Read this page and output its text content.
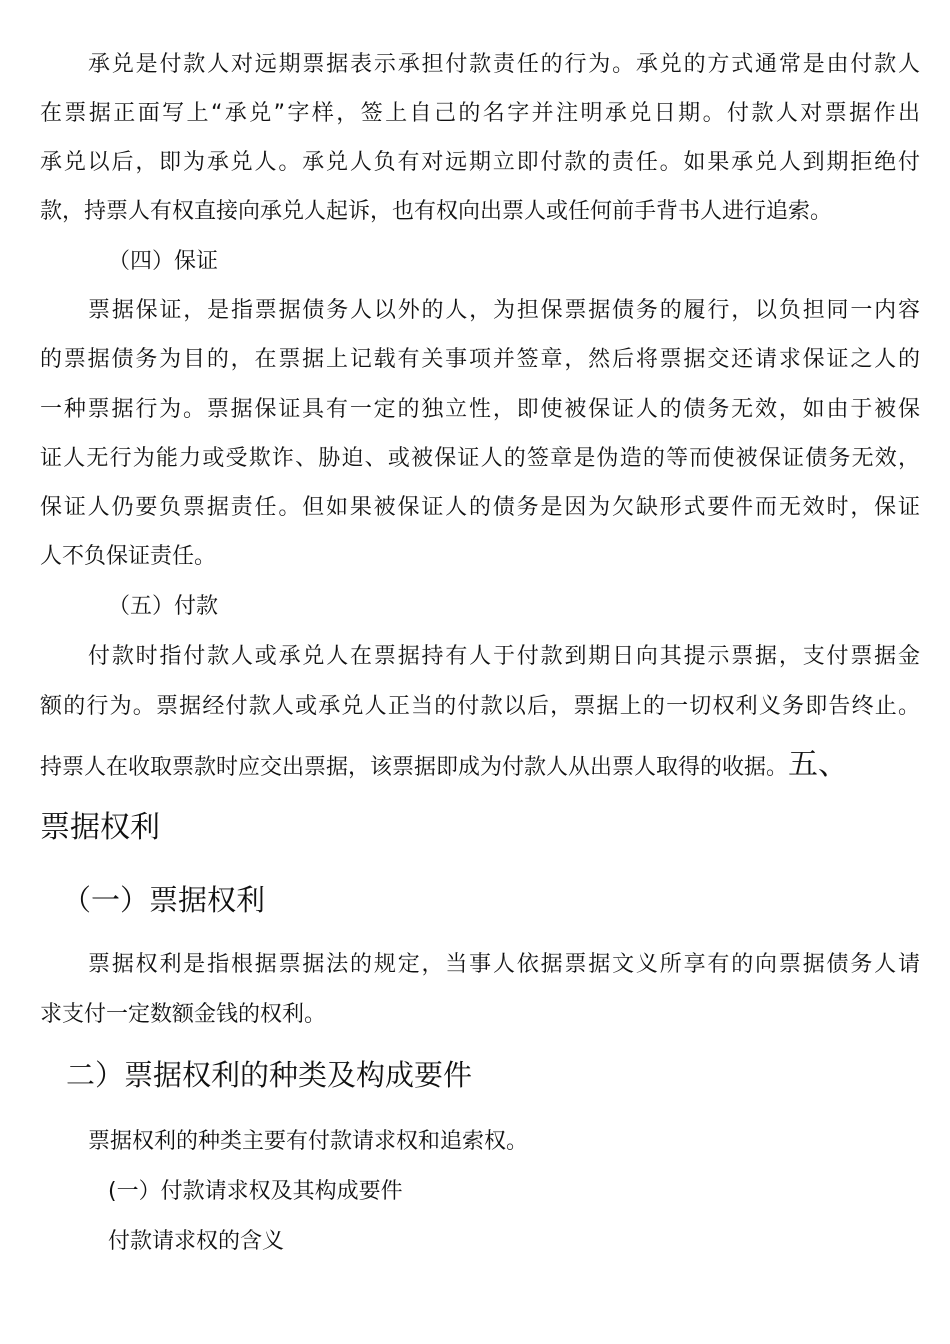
承兑是付款人对远期票据表示承担付款责任的行为。承兑的方式通常是由付款人

在票据正面写上“承兑”字样，签上自己的名字并注明承兑日期。付款人对票据作出

承兑以后，即为承兑人。承兑人负有对远期立即付款的责任。如果承兑人到期拒绝付

款，持票人有权直接向承兑人起诉，也有权向出票人或任何前手背书人进行追索。

（四）保证

票据保证，是指票据债务人以外的人，为担保票据债务的履行，以负担同一内容

的票据债务为目的，在票据上记载有关事项并签章，然后将票据交还请求保证之人的

一种票据行为。票据保证具有一定的独立性，即使被保证人的债务无效，如由于被保

证人无行为能力或受欺诈、胁迫、或被保证人的签章是伪造的等而使被保证债务无效，

保证人仍要负票据责任。但如果被保证人的债务是因为欠缺形式要件而无效时，保证

人不负保证责任。

（五）付款

付款时指付款人或承兑人在票据持有人于付款到期日向其提示票据，支付票据金

额的行为。票据经付款人或承兑人正当的付款以后，票据上的一切权利义务即告终止。

持票人在收取票款时应交出票据，该票据即成为付款人从出票人取得的收据。五、

票据权利

（一）票据权利

票据权利是指根据票据法的规定，当事人依据票据文义所享有的向票据债务人请

求支付一定数额金钱的权利。

二）票据权利的种类及构成要件

票据权利的种类主要有付款请求权和追索权。

(一）付款请求权及其构成要件

付款请求权的含义
